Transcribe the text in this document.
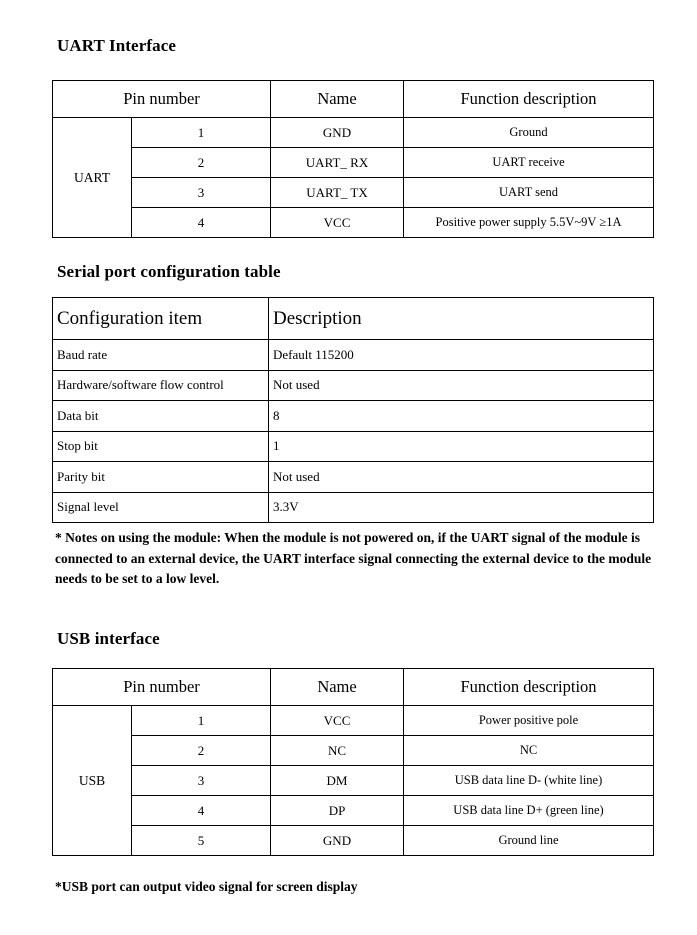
UART Interface
Pin number		Name	Function description
UART	1	GND	Ground
	2	UART_ RX	UART receive
	3	UART_ TX	UART send
	4	VCC	Positive power supply 5.5V~9V ≥1A
Serial port configuration table
Configuration item	Description
Baud rate	Default 115200
Hardware/software flow control	Not used
Data bit	8
Stop bit	1
Parity bit	Not used
Signal level	3.3V
* Notes on using the module: When the module is not powered on, if the UART signal of the module is connected to an external device, the UART interface signal connecting the external device to the module needs to be set to a low level.
USB interface
Pin number		Name	Function description
USB	1	VCC	Power positive pole
	2	NC	NC
	3	DM	USB data line D- (white line)
	4	DP	USB data line D+ (green line)
	5	GND	Ground line
*USB port can output video signal for screen display
